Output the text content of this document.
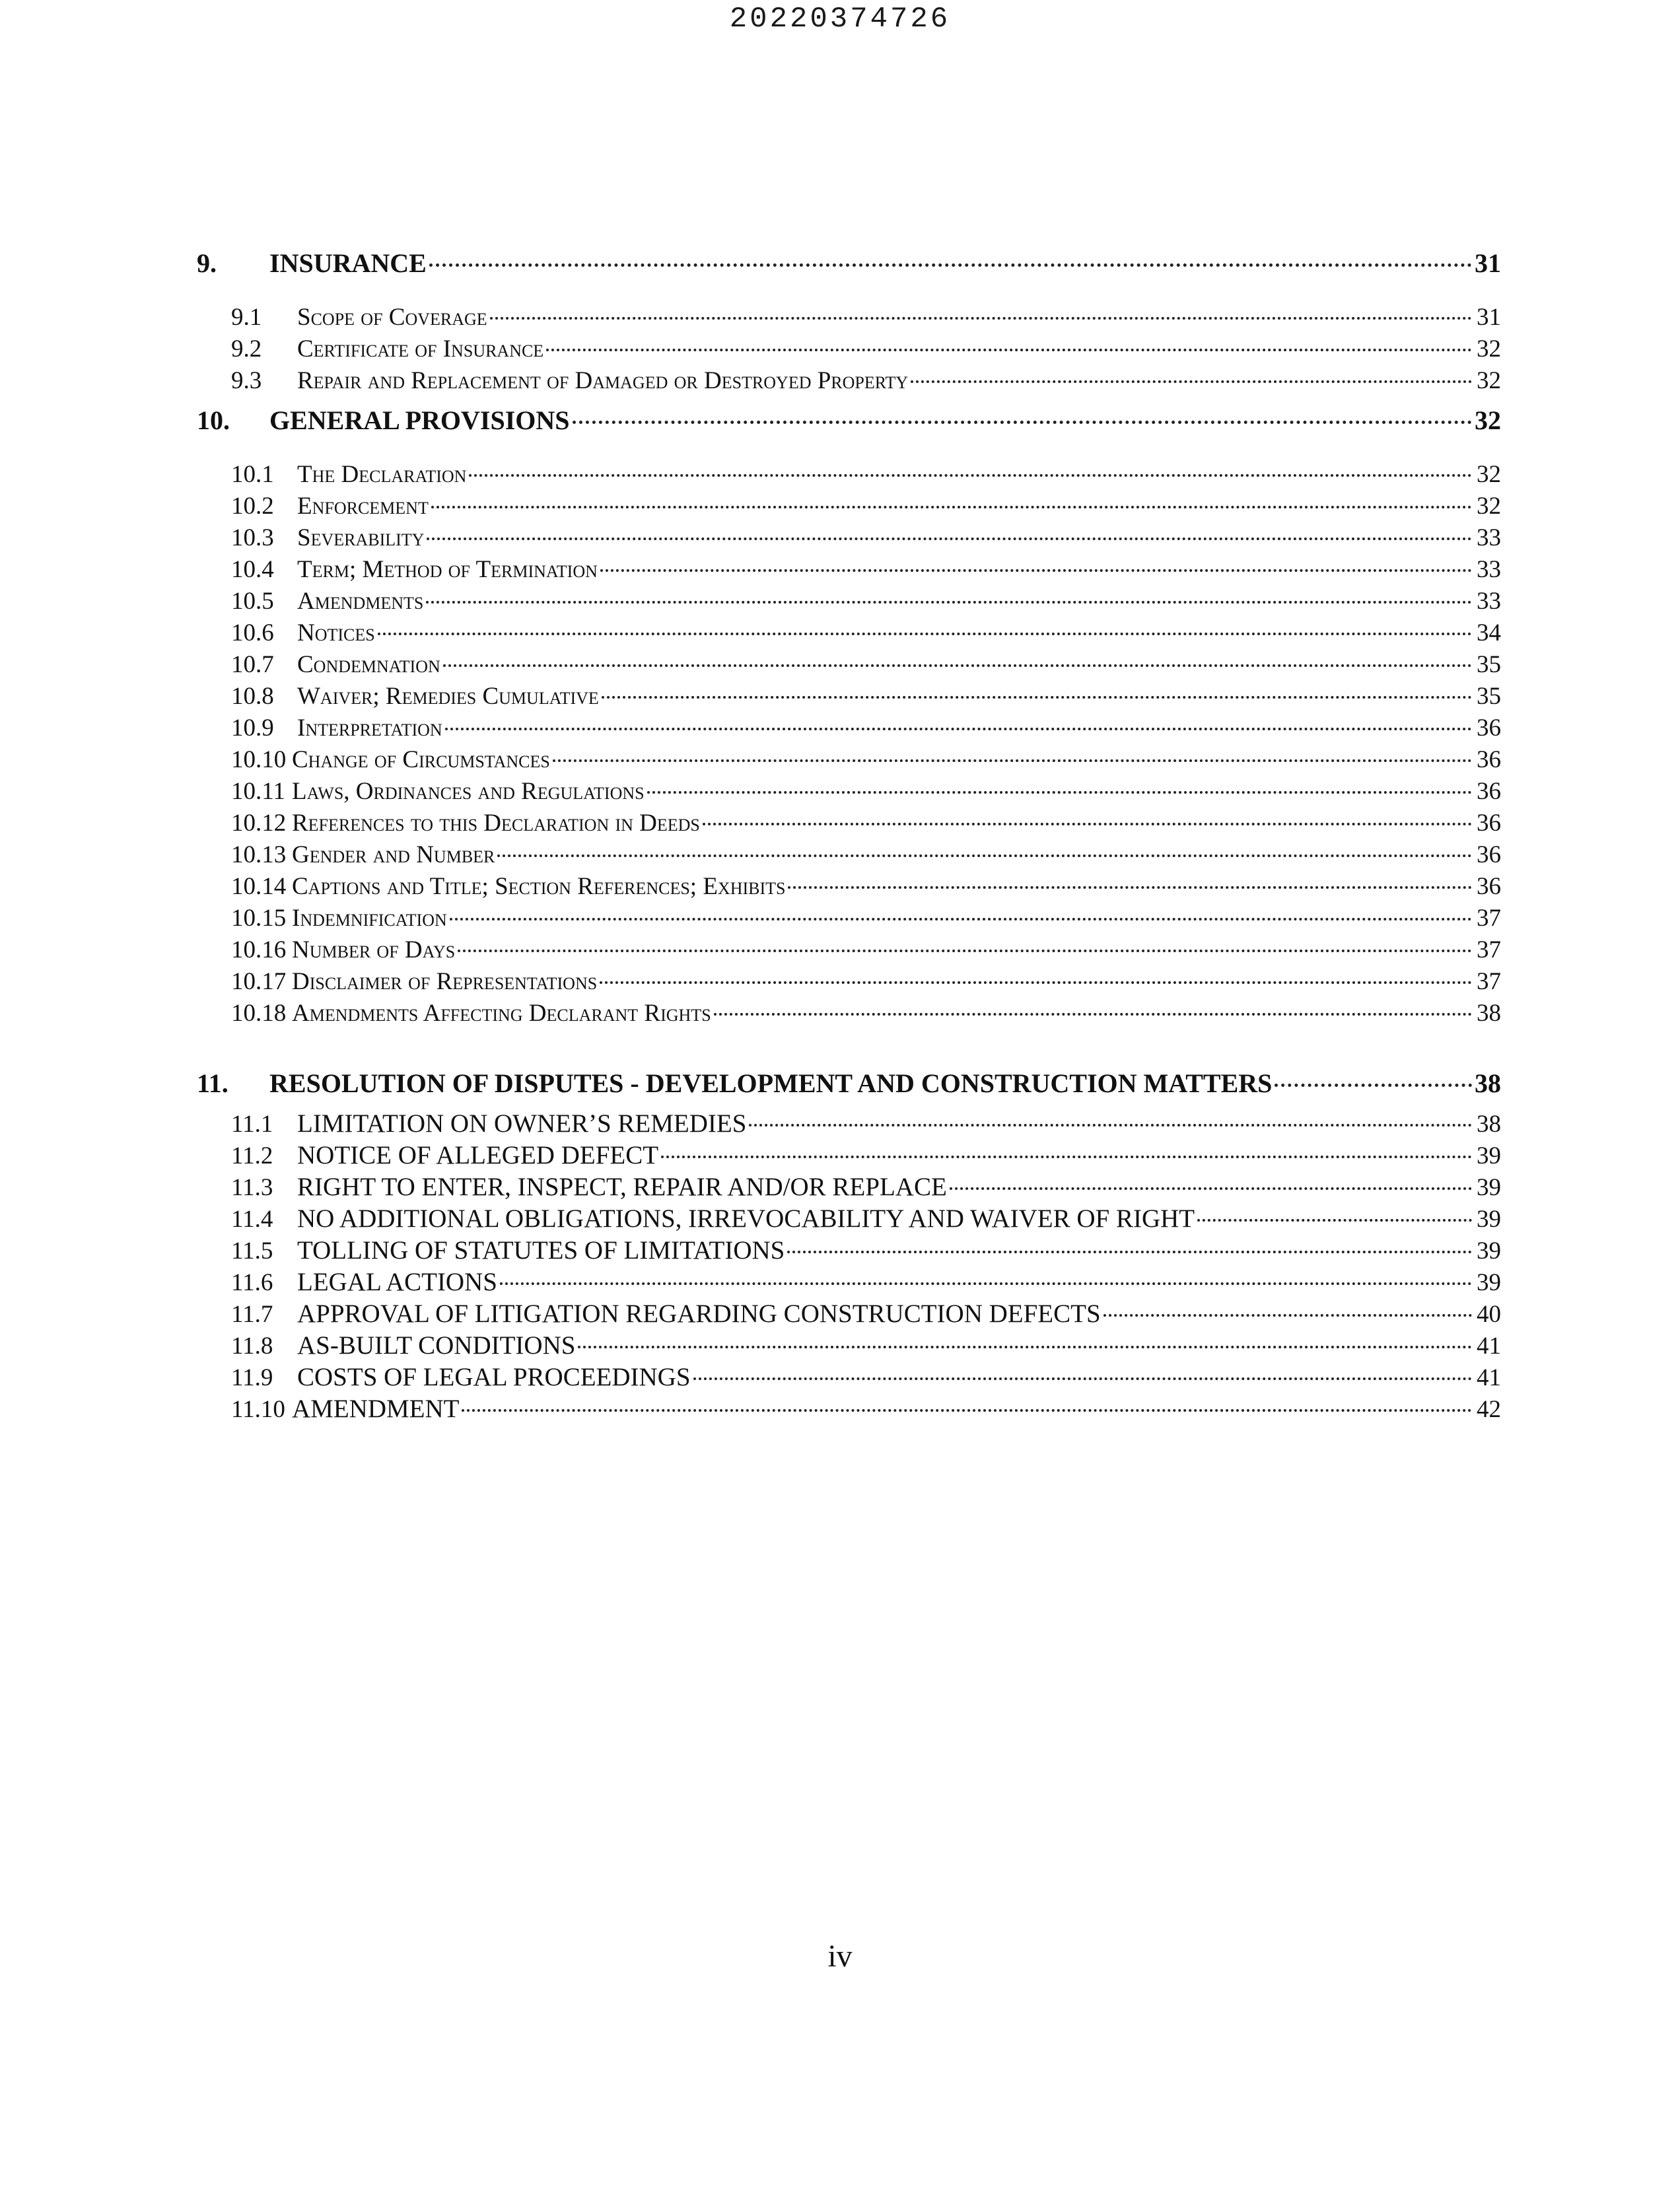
20220374726
9.	INSURANCE	31
9.1	Scope of Coverage	31
9.2	Certificate of Insurance	32
9.3	Repair and Replacement of Damaged or Destroyed Property	32
10.	GENERAL PROVISIONS	32
10.1 The Declaration	32
10.2 Enforcement	32
10.3 Severability	33
10.4 Term; Method of Termination	33
10.5 Amendments	33
10.6 Notices	34
10.7 Condemnation	35
10.8 Waiver; Remedies Cumulative	35
10.9 Interpretation	36
10.10 Change of Circumstances	36
10.11 Laws, Ordinances and Regulations	36
10.12 References to this Declaration in Deeds	36
10.13 Gender and Number	36
10.14 Captions and Title; Section References; Exhibits	36
10.15 Indemnification	37
10.16 Number of Days	37
10.17 Disclaimer of Representations	37
10.18 Amendments Affecting Declarant Rights	38
11.	RESOLUTION OF DISPUTES - DEVELOPMENT AND CONSTRUCTION MATTERS	38
11.1 LIMITATION ON OWNER’S REMEDIES	38
11.2 NOTICE OF ALLEGED DEFECT	39
11.3 RIGHT TO ENTER, INSPECT, REPAIR AND/OR REPLACE	39
11.4 NO ADDITIONAL OBLIGATIONS, IRREVOCABILITY AND WAIVER OF RIGHT	39
11.5 TOLLING OF STATUTES OF LIMITATIONS	39
11.6 LEGAL ACTIONS	39
11.7 APPROVAL OF LITIGATION REGARDING CONSTRUCTION DEFECTS	40
11.8 AS-BUILT CONDITIONS	41
11.9 COSTS OF LEGAL PROCEEDINGS	41
11.10 AMENDMENT	42
iv
